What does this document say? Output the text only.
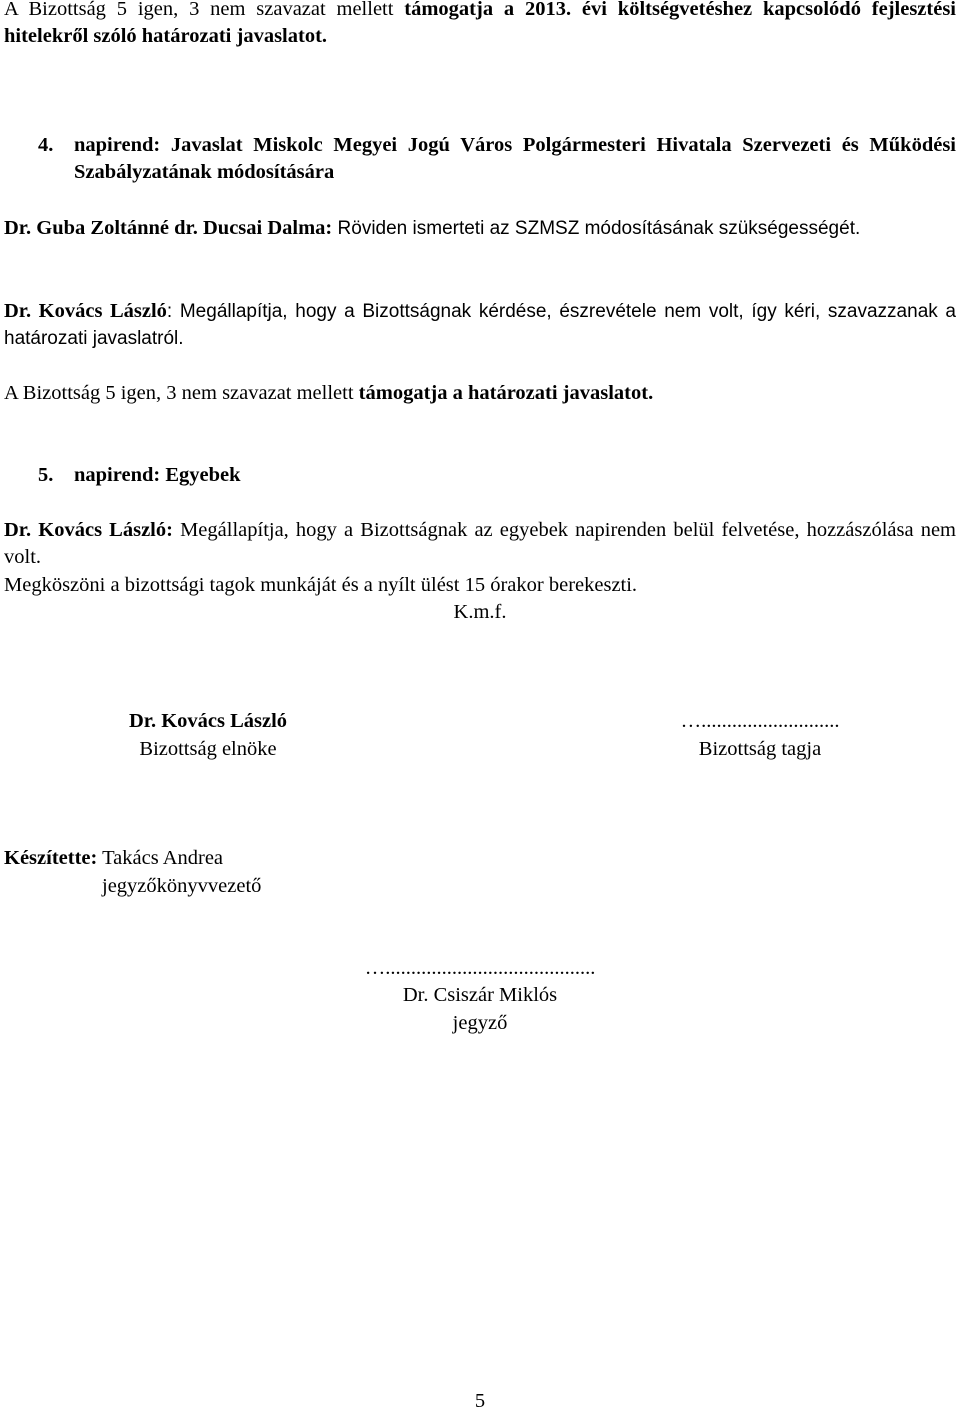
A Bizottság 5 igen, 3 nem szavazat mellett támogatja a 2013. évi költségvetéshez kapcsolódó fejlesztési hitelekről szóló határozati javaslatot.

4. napirend: Javaslat Miskolc Megyei Jogú Város Polgármesteri Hivatala Szervezeti és Működési Szabályzatának módosítására

Dr. Guba Zoltánné dr. Ducsai Dalma: Röviden ismerteti az SZMSZ módosításának szükségességét.

Dr. Kovács László: Megállapítja, hogy a Bizottságnak kérdése, észrevétele nem volt, így kéri, szavazzanak a határozati javaslatról.

A Bizottság 5 igen, 3 nem szavazat mellett támogatja a határozati javaslatot.

5. napirend: Egyebek

Dr. Kovács László: Megállapítja, hogy a Bizottságnak az egyebek napirenden belül felvetése, hozzászólása nem volt.

Megköszöni a bizottsági tagok munkáját és a nyílt ülést 15 órakor berekeszti.

K.m.f.
Dr. Kovács László
Bizottság elnöke
…...........................
Bizottság tagja
Készítette: Takács Andrea
jegyzőkönyvvezető
….........................................
Dr. Csiszár Miklós
jegyző
5
